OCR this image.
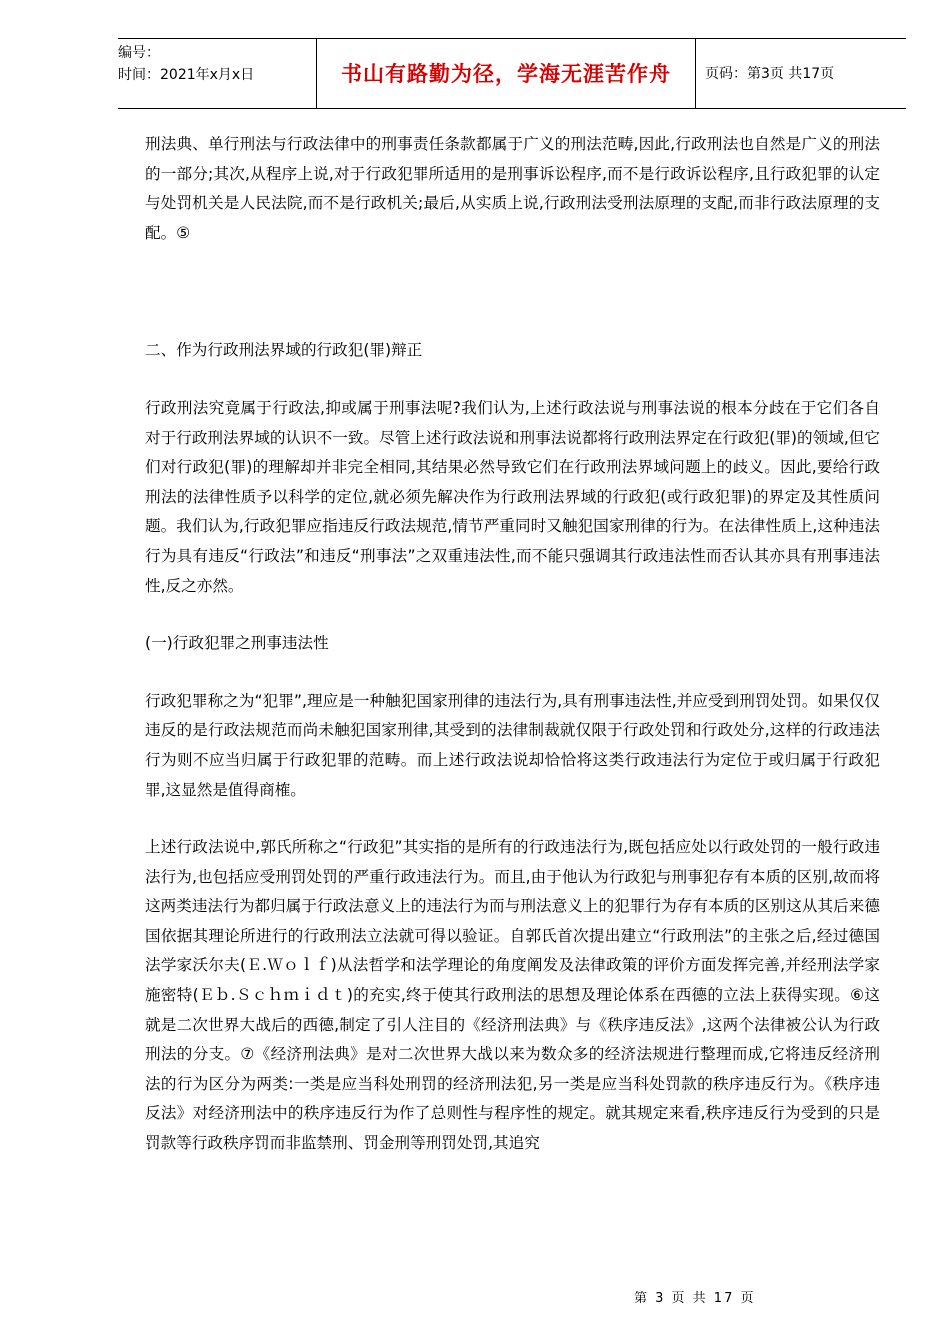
编号：
时间：2021年x月x日	书山有路勤为径，学海无涯苦作舟	页码：第3页 共17页

刑法典、单行刑法与行政法律中的刑事责任条款都属于广义的刑法范畴,因此,行政刑法也自然是广义的刑法的一部分;其次,从程序上说,对于行政犯罪所适用的是刑事诉讼程序,而不是行政诉讼程序,且行政犯罪的认定与处罚机关是人民法院,而不是行政机关;最后,从实质上说,行政刑法受刑法原理的支配,而非行政法原理的支配。⑤

二、作为行政刑法界域的行政犯(罪)辩正

行政刑法究竟属于行政法,抑或属于刑事法呢?我们认为,上述行政法说与刑事法说的根本分歧在于它们各自对于行政刑法界域的认识不一致。尽管上述行政法说和刑事法说都将行政刑法界定在行政犯(罪)的领域,但它们对行政犯(罪)的理解却并非完全相同,其结果必然导致它们在行政刑法界域问题上的歧义。因此,要给行政刑法的法律性质予以科学的定位,就必须先解决作为行政刑法界域的行政犯(或行政犯罪)的界定及其性质问题。我们认为,行政犯罪应指违反行政法规范,情节严重同时又触犯国家刑律的行为。在法律性质上,这种违法行为具有违反“行政法”和违反“刑事法”之双重违法性,而不能只强调其行政违法性而否认其亦具有刑事违法性,反之亦然。

(一)行政犯罪之刑事违法性

行政犯罪称之为“犯罪”,理应是一种触犯国家刑律的违法行为,具有刑事违法性,并应受到刑罚处罚。如果仅仅违反的是行政法规范而尚未触犯国家刑律,其受到的法律制裁就仅限于行政处罚和行政处分,这样的行政违法行为则不应当归属于行政犯罪的范畴。而上述行政法说却恰恰将这类行政违法行为定位于或归属于行政犯罪,这显然是值得商榷。

上述行政法说中,郭氏所称之“行政犯”其实指的是所有的行政违法行为,既包括应处以行政处罚的一般行政违法行为,也包括应受刑罚处罚的严重行政违法行为。而且,由于他认为行政犯与刑事犯存有本质的区别,故而将这两类违法行为都归属于行政法意义上的违法行为而与刑法意义上的犯罪行为存有本质的区别这从其后来德国依据其理论所进行的行政刑法立法就可得以验证。自郭氏首次提出建立“行政刑法”的主张之后,经过德国法学家沃尔夫(Ｅ.Ｗｏｌｆ)从法哲学和法学理论的角度阐发及法律政策的评价方面发挥完善,并经刑法学家施密特(Ｅｂ.Ｓｃｈｍｉｄｔ)的充实,终于使其行政刑法的思想及理论体系在西德的立法上获得实现。⑥这就是二次世界大战后的西德,制定了引人注目的《经济刑法典》与《秩序违反法》,这两个法律被公认为行政刑法的分支。⑦《经济刑法典》是对二次世界大战以来为数众多的经济法规进行整理而成,它将违反经济刑法的行为区分为两类:一类是应当科处刑罚的经济刑法犯,另一类是应当科处罚款的秩序违反行为。《秩序违反法》对经济刑法中的秩序违反行为作了总则性与程序性的规定。就其规定来看,秩序违反行为受到的只是罚款等行政秩序罚而非监禁刑、罚金刑等刑罚处罚,其追究

第 3 页 共 17 页
